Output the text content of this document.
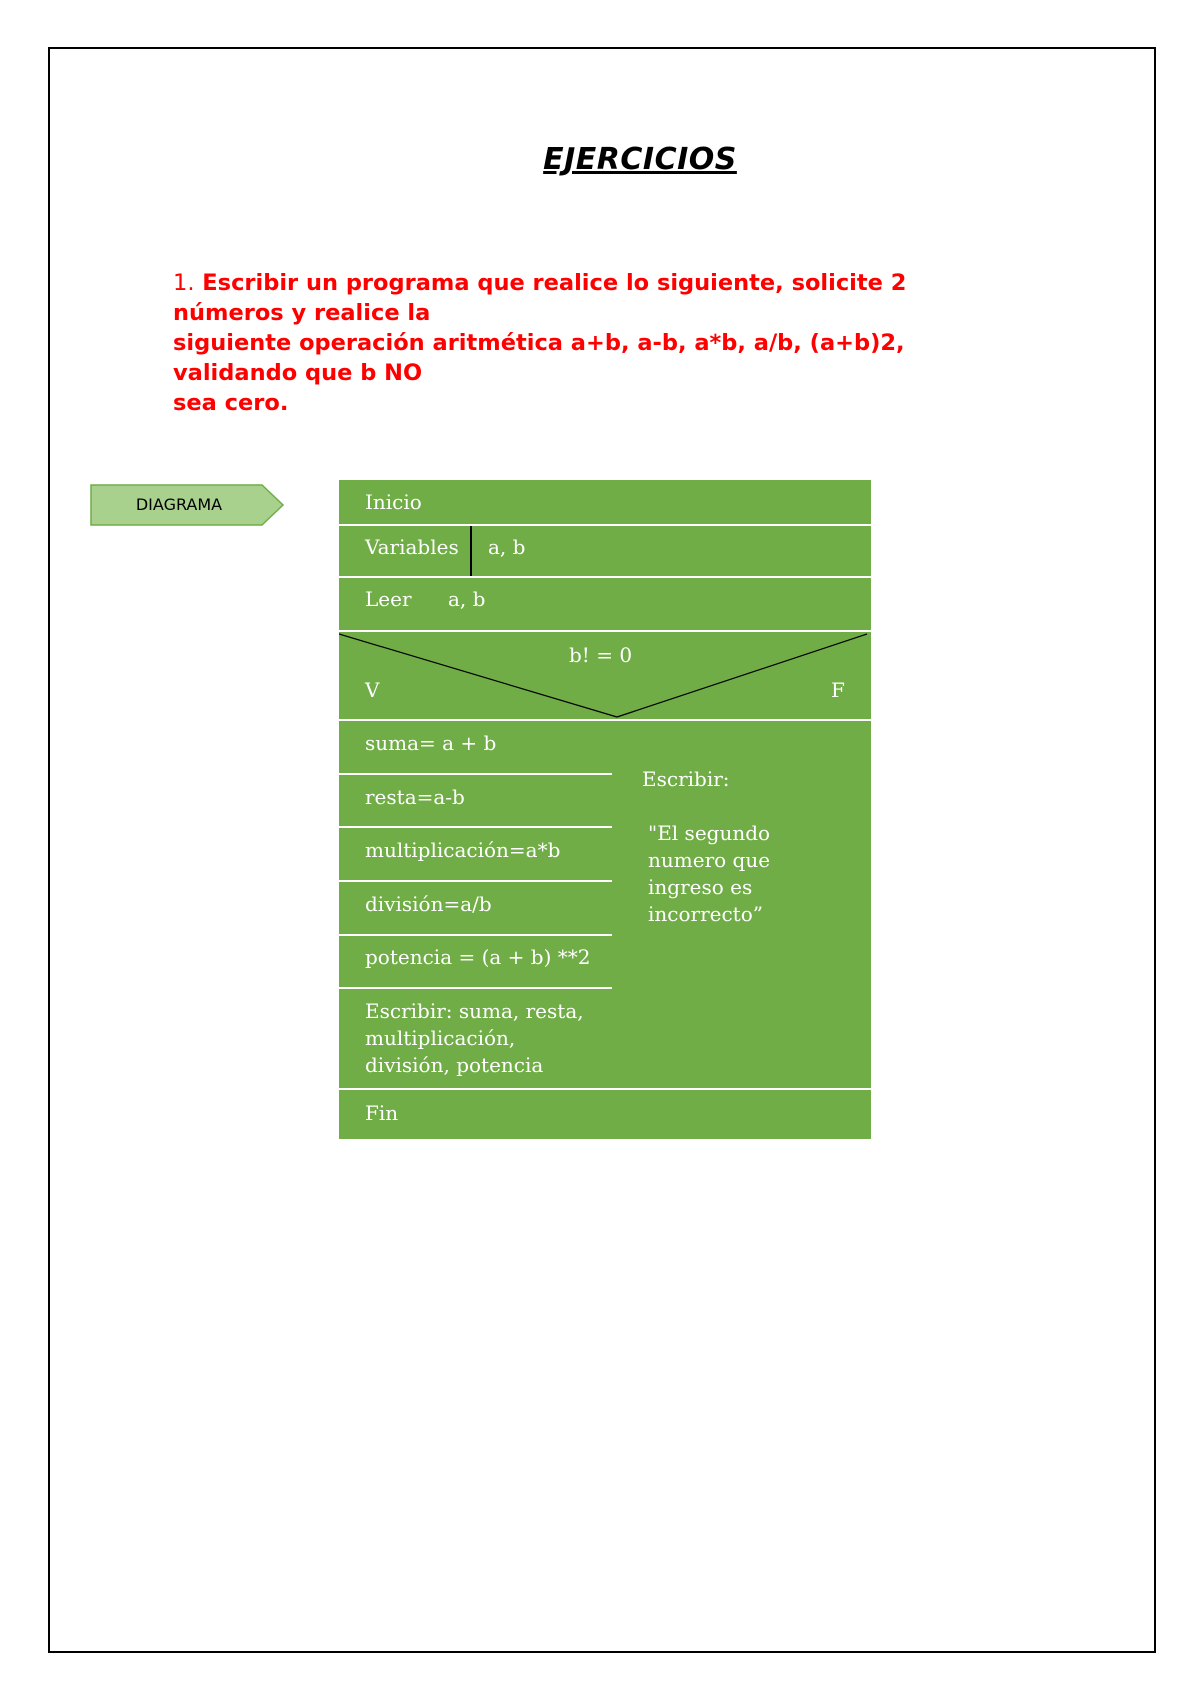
EJERCICIOS
1. Escribir un programa que realice lo siguiente, solicite 2
números y realice la
siguiente operación aritmética a+b, a-b, a*b, a/b, (a+b)2,
validando que b NO
sea cero.
DIAGRAMA	Inicio
Variables a, b
Leer a, b
b! = 0
V	F
suma= a + b
resta=a-b
multiplicación=a*b
división=a/b
potencia = (a + b) **2
Escribir: suma, resta,
multiplicación,
división, potencia
Escribir:
"El segundo
numero que
ingreso es
incorrecto”
Fin
